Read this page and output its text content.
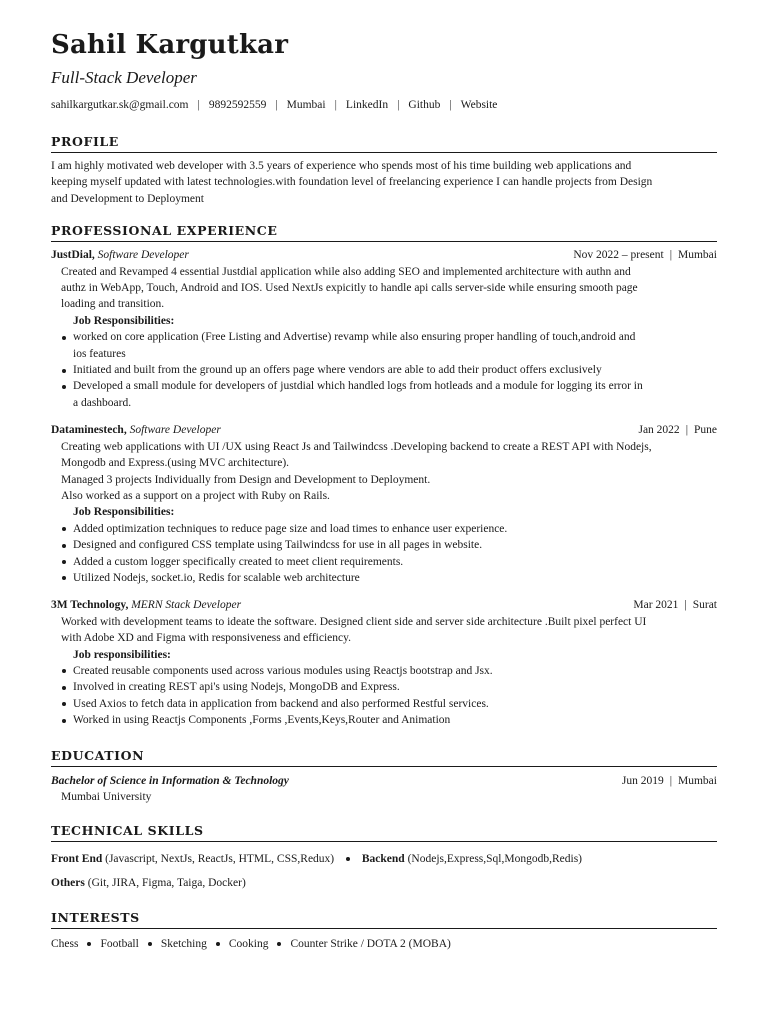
Sahil Kargutkar
Full-Stack Developer
sahilkargutkar.sk@gmail.com | 9892592559 | Mumbai | LinkedIn | Github | Website
PROFILE
I am highly motivated web developer with 3.5 years of experience who spends most of his time building web applications and
keeping myself updated with latest technologies.with foundation level of freelancing experience I can handle projects from Design
and Development to Deployment
PROFESSIONAL EXPERIENCE
JustDial, Software Developer	Nov 2022 – present | Mumbai
Created and Revamped 4 essential Justdial application while also adding SEO and implemented architecture with authn and
authz in WebApp, Touch, Android and IOS. Used NextJs expicitly to handle api calls server-side while ensuring smooth page
loading and transition.
Job Responsibilities:
worked on core application (Free Listing and Advertise) revamp while also ensuring proper handling of touch,android and
ios features
Initiated and built from the ground up an offers page where vendors are able to add their product offers exclusively
Developed a small module for developers of justdial which handled logs from hotleads and a module for logging its error in
a dashboard.
Dataminestech, Software Developer	Jan 2022 | Pune
Creating web applications with UI /UX using React Js and Tailwindcss .Developing backend to create a REST API with Nodejs,
Mongodb and Express.(using MVC architecture).
Managed 3 projects Individually from Design and Development to Deployment.
Also worked as a support on a project with Ruby on Rails.
Job Responsibilities:
Added optimization techniques to reduce page size and load times to enhance user experience.
Designed and configured CSS template using Tailwindcss for use in all pages in website.
Added a custom logger specifically created to meet client requirements.
Utilized Nodejs, socket.io, Redis for scalable web architecture
3M Technology, MERN Stack Developer	Mar 2021 | Surat
Worked with development teams to ideate the software. Designed client side and server side architecture .Built pixel perfect UI
with Adobe XD and Figma with responsiveness and efficiency.
Job responsibilities:
Created reusable components used across various modules using Reactjs bootstrap and Jsx.
Involved in creating REST api's using Nodejs, MongoDB and Express.
Used Axios to fetch data in application from backend and also performed Restful services.
Worked in using Reactjs Components ,Forms ,Events,Keys,Router and Animation
EDUCATION
Bachelor of Science in Information & Technology	Jun 2019 | Mumbai
Mumbai University
TECHNICAL SKILLS
Front End (Javascript, NextJs, ReactJs, HTML, CSS,Redux) Backend (Nodejs,Express,Sql,Mongodb,Redis)
Others (Git, JIRA, Figma, Taiga, Docker)
INTERESTS
Chess Football Sketching Cooking Counter Strike / DOTA 2 (MOBA)
